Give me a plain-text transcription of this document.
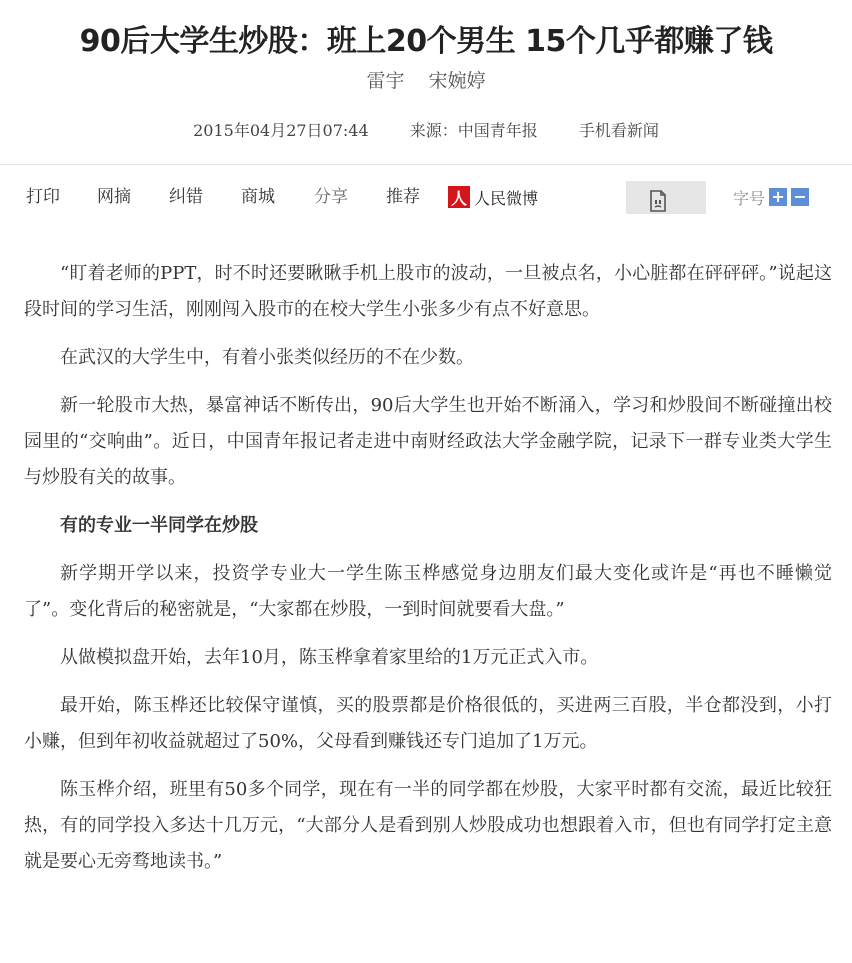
90后大学生炒股：班上20个男生 15个几乎都赚了钱
雷宇 宋婉婷
2015年04月27日07:44	来源：中国青年报	手机看新闻
打印 网摘 纠错 商城 分享 推荐 人 人民微博	字号 + −

“盯着老师的PPT，时不时还要瞅瞅手机上股市的波动，一旦被点名，小心脏都在砰砰砰。”说起这段时间的学习生活，刚刚闯入股市的在校大学生小张多少有点不好意思。

在武汉的大学生中，有着小张类似经历的不在少数。

新一轮股市大热，暴富神话不断传出，90后大学生也开始不断涌入，学习和炒股间不断碰撞出校园里的“交响曲”。近日，中国青年报记者走进中南财经政法大学金融学院，记录下一群专业类大学生与炒股有关的故事。

有的专业一半同学在炒股

新学期开学以来，投资学专业大一学生陈玉桦感觉身边朋友们最大变化或许是“再也不睡懒觉了”。变化背后的秘密就是，“大家都在炒股，一到时间就要看大盘。”

从做模拟盘开始，去年10月，陈玉桦拿着家里给的1万元正式入市。

最开始，陈玉桦还比较保守谨慎，买的股票都是价格很低的，买进两三百股，半仓都没到，小打小赚，但到年初收益就超过了50%，父母看到赚钱还专门追加了1万元。

陈玉桦介绍，班里有50多个同学，现在有一半的同学都在炒股，大家平时都有交流，最近比较狂热，有的同学投入多达十几万元，“大部分人是看到别人炒股成功也想跟着入市，但也有同学打定主意就是要心无旁骛地读书。”
